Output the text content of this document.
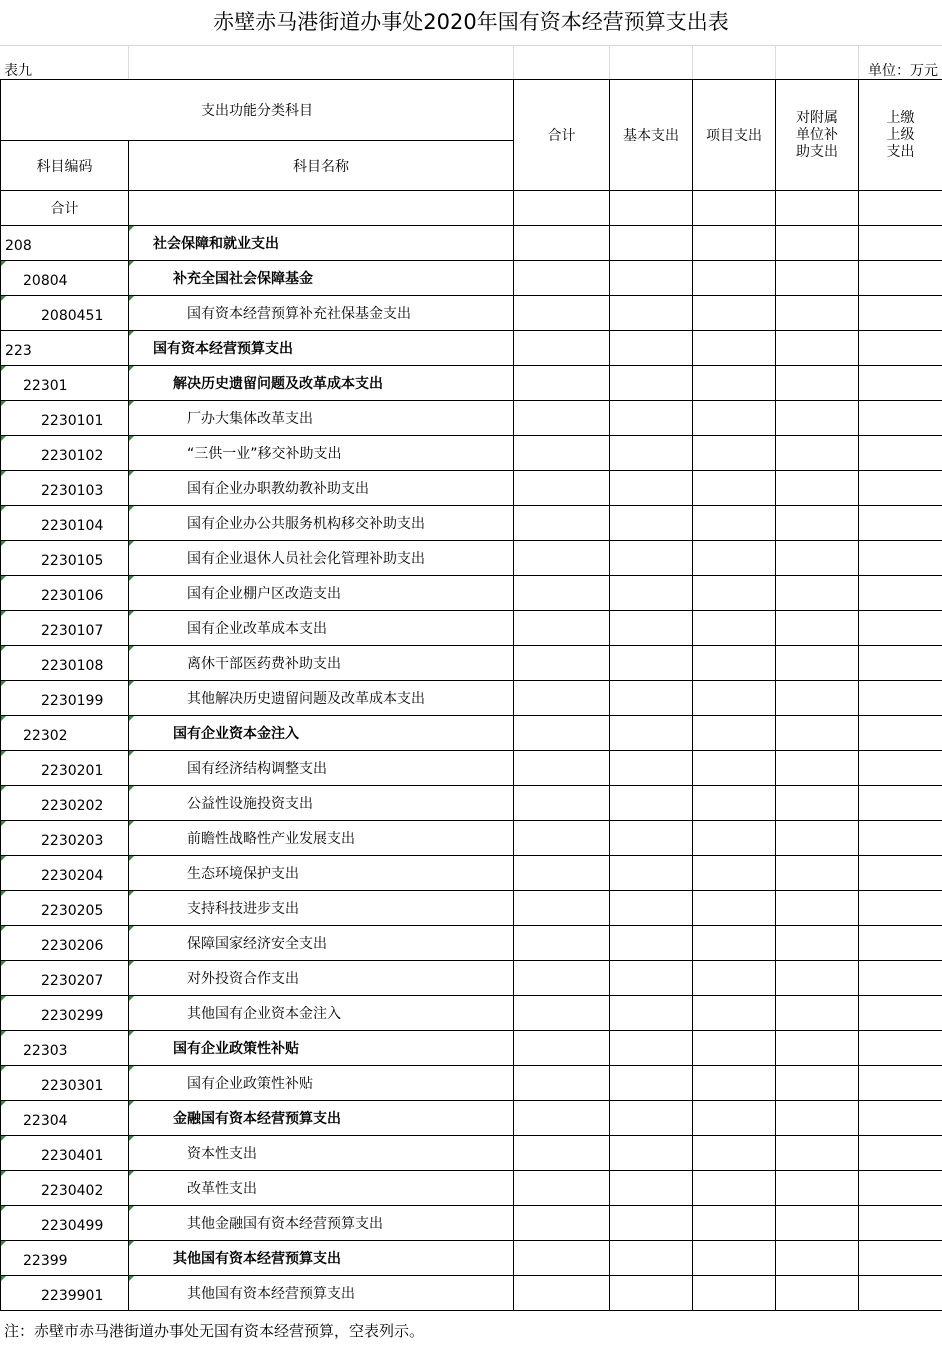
赤壁赤马港街道办事处2020年国有资本经营预算支出表
表九	单位：万元
支出功能分类科目		合计	基本支出	项目支出	对附属单位补助支出	上缴上级支出

科目编码	科目名称					
合计						
208	社会保障和就业支出					
20804	补充全国社会保障基金					
2080451	国有资本经营预算补充社保基金支出					
223	国有资本经营预算支出					
22301	解决历史遗留问题及改革成本支出					
2230101	厂办大集体改革支出					
2230102	“三供一业”移交补助支出					
2230103	国有企业办职教幼教补助支出					
2230104	国有企业办公共服务机构移交补助支出					
2230105	国有企业退休人员社会化管理补助支出					
2230106	国有企业棚户区改造支出					
2230107	国有企业改革成本支出					
2230108	离休干部医药费补助支出					
2230199	其他解决历史遗留问题及改革成本支出					
22302	国有企业资本金注入					
2230201	国有经济结构调整支出					
2230202	公益性设施投资支出					
2230203	前瞻性战略性产业发展支出					
2230204	生态环境保护支出					
2230205	支持科技进步支出					
2230206	保障国家经济安全支出					
2230207	对外投资合作支出					
2230299	其他国有企业资本金注入					
22303	国有企业政策性补贴					
2230301	国有企业政策性补贴					
22304	金融国有资本经营预算支出					
2230401	资本性支出					
2230402	改革性支出					
2230499	其他金融国有资本经营预算支出					
22399	其他国有资本经营预算支出					
2239901	其他国有资本经营预算支出					
注：赤壁市赤马港街道办事处无国有资本经营预算，空表列示。
